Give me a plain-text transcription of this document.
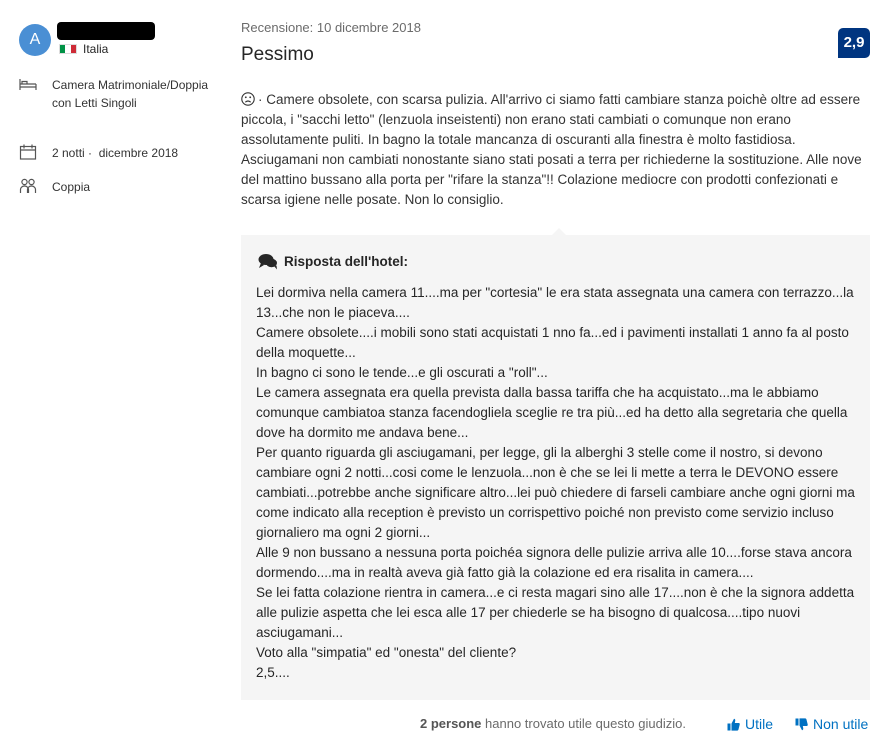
A
Italia
Camera Matrimoniale/Doppia con Letti Singoli
2 notti ·  dicembre 2018
Coppia
Recensione: 10 dicembre 2018
Pessimo
2,9
· Camere obsolete, con scarsa pulizia. All'arrivo ci siamo fatti cambiare stanza poichè oltre ad essere piccola, i "sacchi letto" (lenzuola inseistenti) non erano stati cambiati o comunque non erano assolutamente puliti. In bagno la totale mancanza di oscuranti alla finestra è molto fastidiosa. Asciugamani non cambiati nonostante siano stati posati a terra per richiederne la sostituzione. Alle nove del mattino bussano alla porta per "rifare la stanza"!! Colazione mediocre con prodotti confezionati e scarsa igiene nelle posate. Non lo consiglio.
Risposta dell'hotel:
Lei dormiva nella camera 11....ma per "cortesia" le era stata assegnata una camera con terrazzo...la 13...che non le piaceva....
Camere obsolete....i mobili sono stati acquistati 1 nno fa...ed i pavimenti installati 1 anno fa al posto della moquette...
In bagno ci sono le tende...e gli oscurati a "roll"...
Le camera assegnata era quella prevista dalla bassa tariffa che ha acquistato...ma le abbiamo comunque cambiatoa stanza facendogliela sceglie re tra più...ed ha detto alla segretaria che quella dove ha dormito me andava bene...
Per quanto riguarda gli asciugamani, per legge, gli la alberghi 3 stelle come il nostro, si devono cambiare ogni 2 notti...cosi come le lenzuola...non è che se lei li mette a terra le DEVONO essere cambiati...potrebbe anche significare altro...lei può chiedere di farseli cambiare anche ogni giorni ma come indicato alla reception è previsto un corrispettivo poiché non previsto come servizio incluso giornaliero ma ogni 2 giorni...
Alle 9 non bussano a nessuna porta poichéa signora delle pulizie arriva alle 10....forse stava ancora dormendo....ma in realtà aveva già fatto già la colazione ed era risalita in camera....
Se lei fatta colazione rientra in camera...e ci resta magari sino alle 17....non è che la signora addetta alle pulizie aspetta che lei esca alle 17 per chiederle se ha bisogno di qualcosa....tipo nuovi asciugamani...
Voto alla "simpatia" ed "onesta" del cliente?
2,5....
2 persone hanno trovato utile questo giudizio.	Utile	Non utile
